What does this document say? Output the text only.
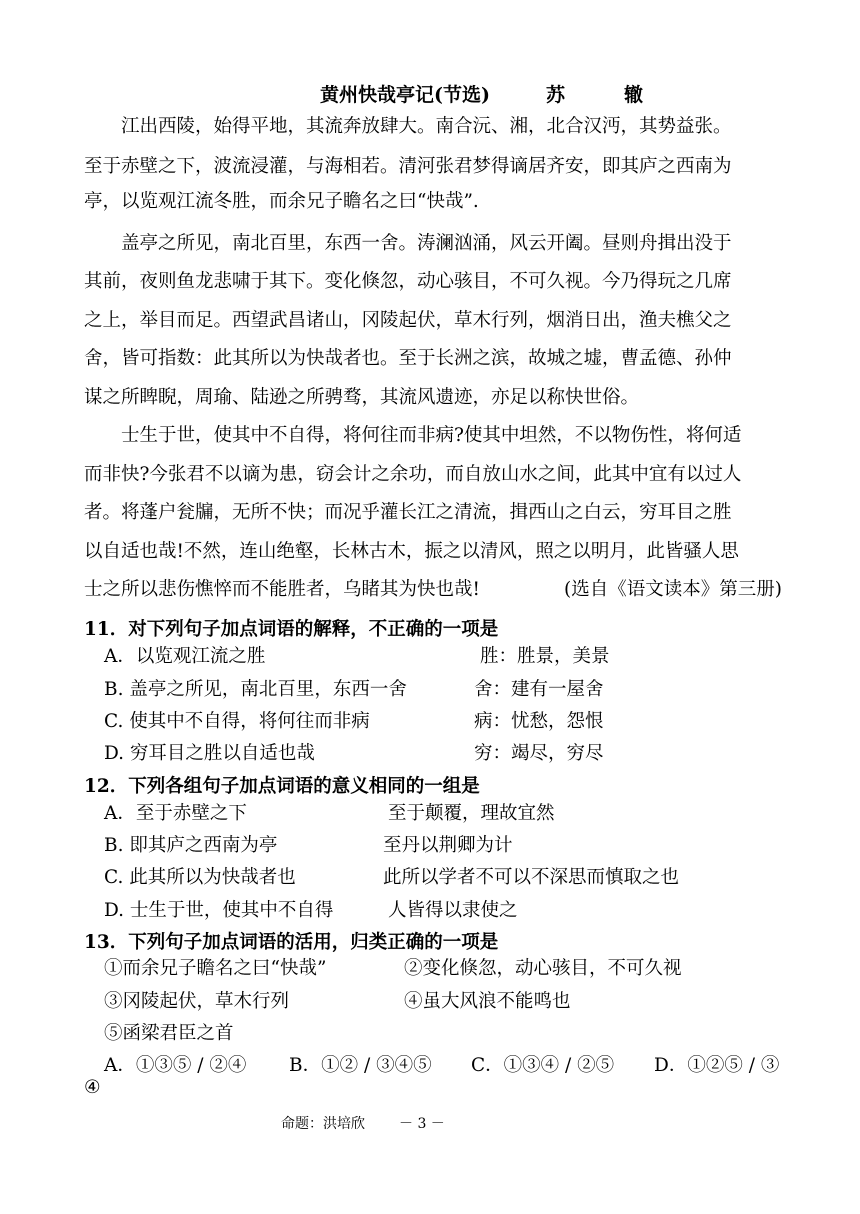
黄州快哉亭记(节选)	苏　辙
江出西陵，始得平地，其流奔放肆大。南合沅、湘，北合汉沔，其势益张。
至于赤壁之下，波流浸灌，与海相若。清河张君梦得谪居齐安，即其庐之西南为
亭，以览观江流冬胜，而余兄子瞻名之曰“快哉”.
盖亭之所见，南北百里，东西一舍。涛澜汹涌，风云开阖。昼则舟揖出没于
其前，夜则鱼龙悲啸于其下。变化倏忽，动心骇目，不可久视。今乃得玩之几席
之上，举目而足。西望武昌诸山，冈陵起伏，草木行列，烟消日出，渔夫樵父之
舍，皆可指数：此其所以为快哉者也。至于长洲之滨，故城之墟，曹孟德、孙仲
谋之所睥睨，周瑜、陆逊之所骋骛，其流风遗迹，亦足以称快世俗。
士生于世，使其中不自得，将何往而非病?使其中坦然，不以物伤性，将何适
而非快?今张君不以谪为患，窃会计之余功，而自放山水之间，此其中宜有以过人
者。将蓬户瓮牖，无所不快；而况乎灌长江之清流，揖西山之白云，穷耳目之胜
以自适也哉!不然，连山绝壑，长林古木，振之以清风，照之以明月，此皆骚人思
士之所以悲伤憔悴而不能胜者，乌睹其为快也哉!	(选自《语文读本》第三册)
11．对下列句子加点词语的解释，不正确的一项是
A．以览观江流之胜	胜：胜景，美景
B. 盖亭之所见，南北百里，东西一舍	舍：建有一屋舍
C. 使其中不自得，将何往而非病	病：忧愁，怨恨
D. 穷耳目之胜以自适也哉	穷：竭尽，穷尽
12．下列各组句子加点词语的意义相同的一组是
A．至于赤壁之下	至于颠覆，理故宜然
B. 即其庐之西南为亭	至丹以荆卿为计
C. 此其所以为快哉者也	此所以学者不可以不深思而慎取之也
D. 士生于世，使其中不自得	人皆得以隶使之
13．下列句子加点词语的活用，归类正确的一项是
①而余兄子瞻名之曰“快哉”	②变化倏忽，动心骇目，不可久视
③冈陵起伏，草木行列	④虽大风浪不能鸣也
⑤函梁君臣之首
A．①③⑤ / ②④ B．①② / ③④⑤ C．①③④ / ②⑤ D．①②⑤ / ③
④
命题：洪培欣 － 3 －
